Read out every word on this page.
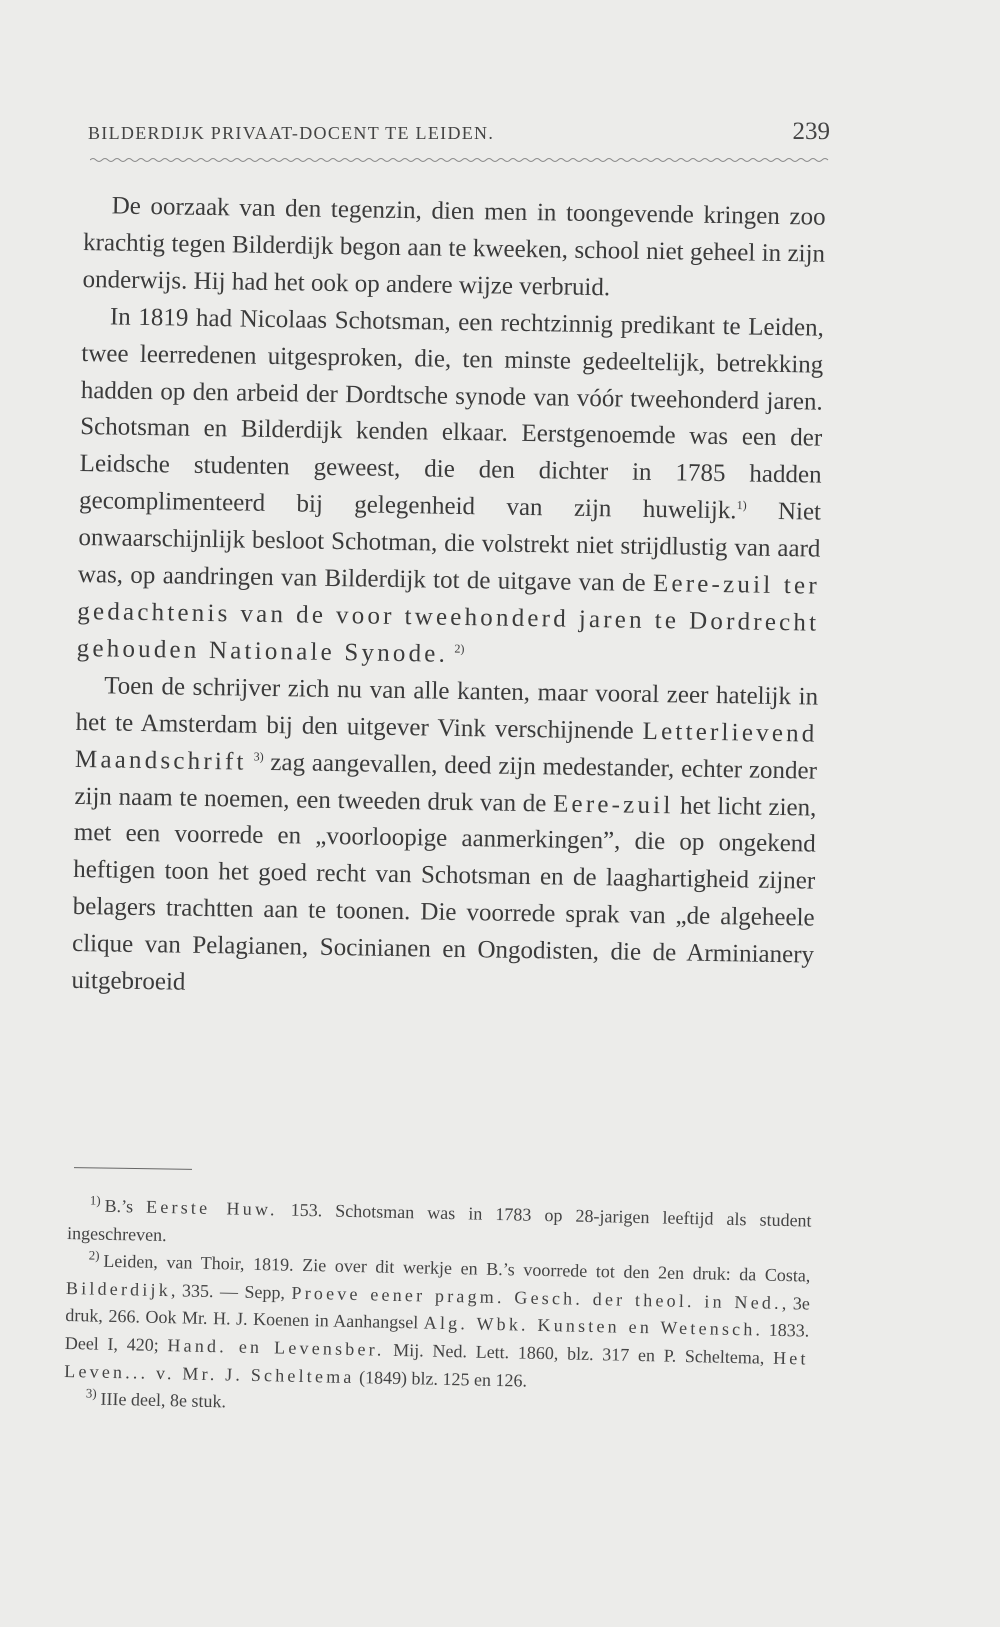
BILDERDIJK PRIVAAT-DOCENT TE LEIDEN.	239

De oorzaak van den tegenzin, dien men in toongevende kringen zoo krachtig tegen Bilderdijk begon aan te kweeken, school niet geheel in zijn onderwijs. Hij had het ook op andere wijze verbruid.

In 1819 had Nicolaas Schotsman, een rechtzinnig predikant te Leiden, twee leerredenen uitgesproken, die, ten minste gedeeltelijk, betrekking hadden op den arbeid der Dordtsche synode van vóór tweehonderd jaren. Schotsman en Bilderdijk kenden elkaar. Eerstgenoemde was een der Leidsche studenten geweest, die den dichter in 1785 hadden gecomplimenteerd bij gelegenheid van zijn huwelijk.$^{1)}$ Niet onwaarschijnlijk besloot Schotman, die volstrekt niet strijdlustig van aard was, op aandringen van Bilderdijk tot de uitgave van de Eere-zuil ter gedachtenis van de voor tweehonderd jaren te Dordrecht gehouden Nationale Synode. $^{2)}$

Toen de schrijver zich nu van alle kanten, maar vooral zeer hatelijk in het te Amsterdam bij den uitgever Vink verschijnende Letterlievend Maandschrift $^{3)}$ zag aangevallen, deed zijn medestander, echter zonder zijn naam te noemen, een tweeden druk van de Eere-zuil het licht zien, met een voorrede en „voorloopige aanmerkingen”, die op ongekend heftigen toon het goed recht van Schotsman en de laaghartigheid zijner belagers trachtten aan te toonen. Die voorrede sprak van „de algeheele clique van Pelagianen, Socinianen en Ongodisten, die de Arminianery uitgebroeid

$^{1)}$ B.’s Eerste Huw. 153. Schotsman was in 1783 op 28-jarigen leeftijd als student ingeschreven.

$^{2)}$ Leiden, van Thoir, 1819. Zie over dit werkje en B.’s voorrede tot den 2en druk: da Costa, Bilderdijk, 335. — Sepp, Proeve eener pragm. Gesch. der theol. in Ned., 3e druk, 266. Ook Mr. H. J. Koenen in Aanhangsel Alg. Wbk. Kunsten en Wetensch. 1833. Deel I, 420; Hand. en Levensber. Mij. Ned. Lett. 1860, blz. 317 en P. Scheltema, Het Leven... v. Mr. J. Scheltema (1849) blz. 125 en 126.

$^{3)}$ IIIe deel, 8e stuk.
